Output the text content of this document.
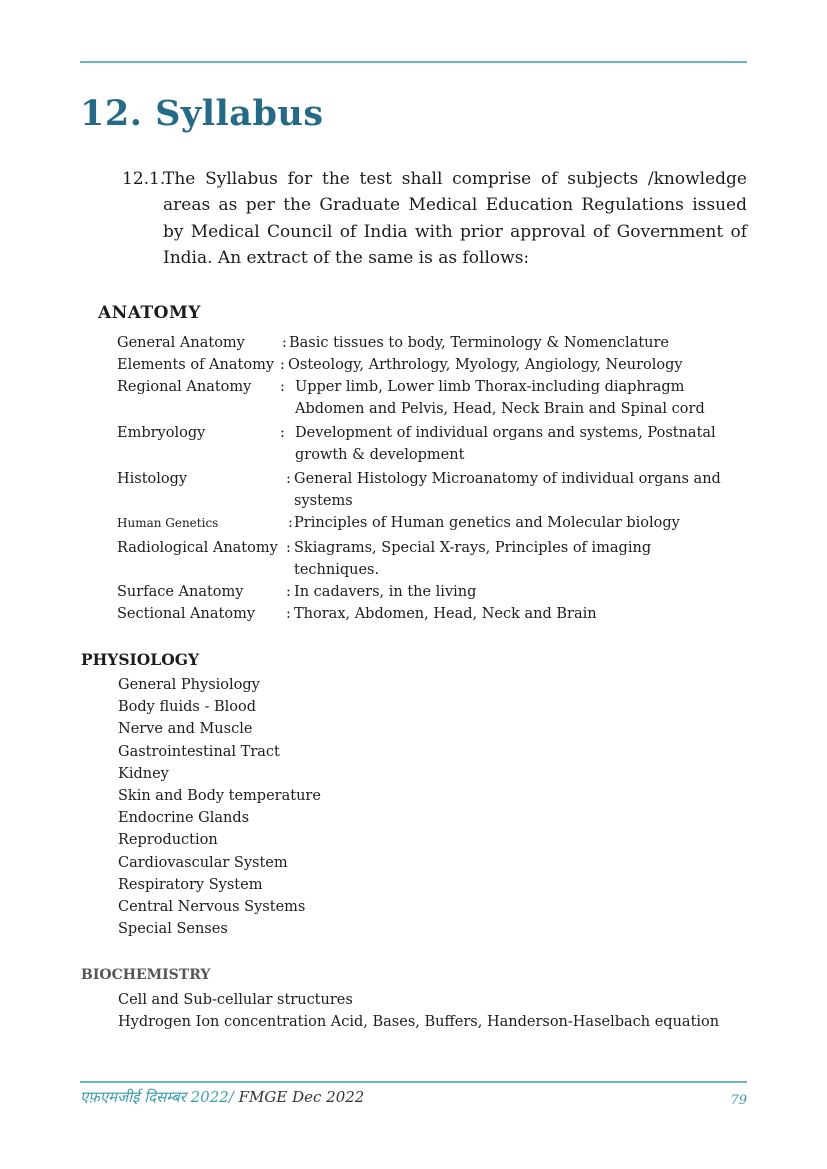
12. Syllabus
12.1.
The Syllabus for the test shall comprise of subjects /knowledge areas as per the Graduate Medical Education Regulations issued by Medical Council of India with prior approval of Government of India. An extract of the same is as follows:
ANATOMY
General Anatomy	: Basic tissues to body, Terminology & Nomenclature
Elements of Anatomy : Osteology, Arthrology, Myology, Angiology, Neurology
Regional Anatomy : Upper limb, Lower limb Thorax-including diaphragm Abdomen and Pelvis, Head, Neck Brain and Spinal cord
Embryology	: Development of individual organs and systems, Postnatal growth & development
Histology	: General Histology Microanatomy of individual organs and systems
Human Genetics	: Principles of Human genetics and Molecular biology
Radiological Anatomy : Skiagrams, Special X-rays, Principles of imaging techniques.
Surface Anatomy	: In cadavers, in the living
Sectional Anatomy : Thorax, Abdomen, Head, Neck and Brain
PHYSIOLOGY
General Physiology
Body fluids - Blood
Nerve and Muscle
Gastrointestinal Tract
Kidney
Skin and Body temperature
Endocrine Glands
Reproduction
Cardiovascular System
Respiratory System
Central Nervous Systems
Special Senses
BIOCHEMISTRY
Cell and Sub-cellular structures
Hydrogen Ion concentration Acid, Bases, Buffers, Handerson-Haselbach equation
एफ़एमजीई दिसम्बर 2022/ FMGE Dec 2022	79
